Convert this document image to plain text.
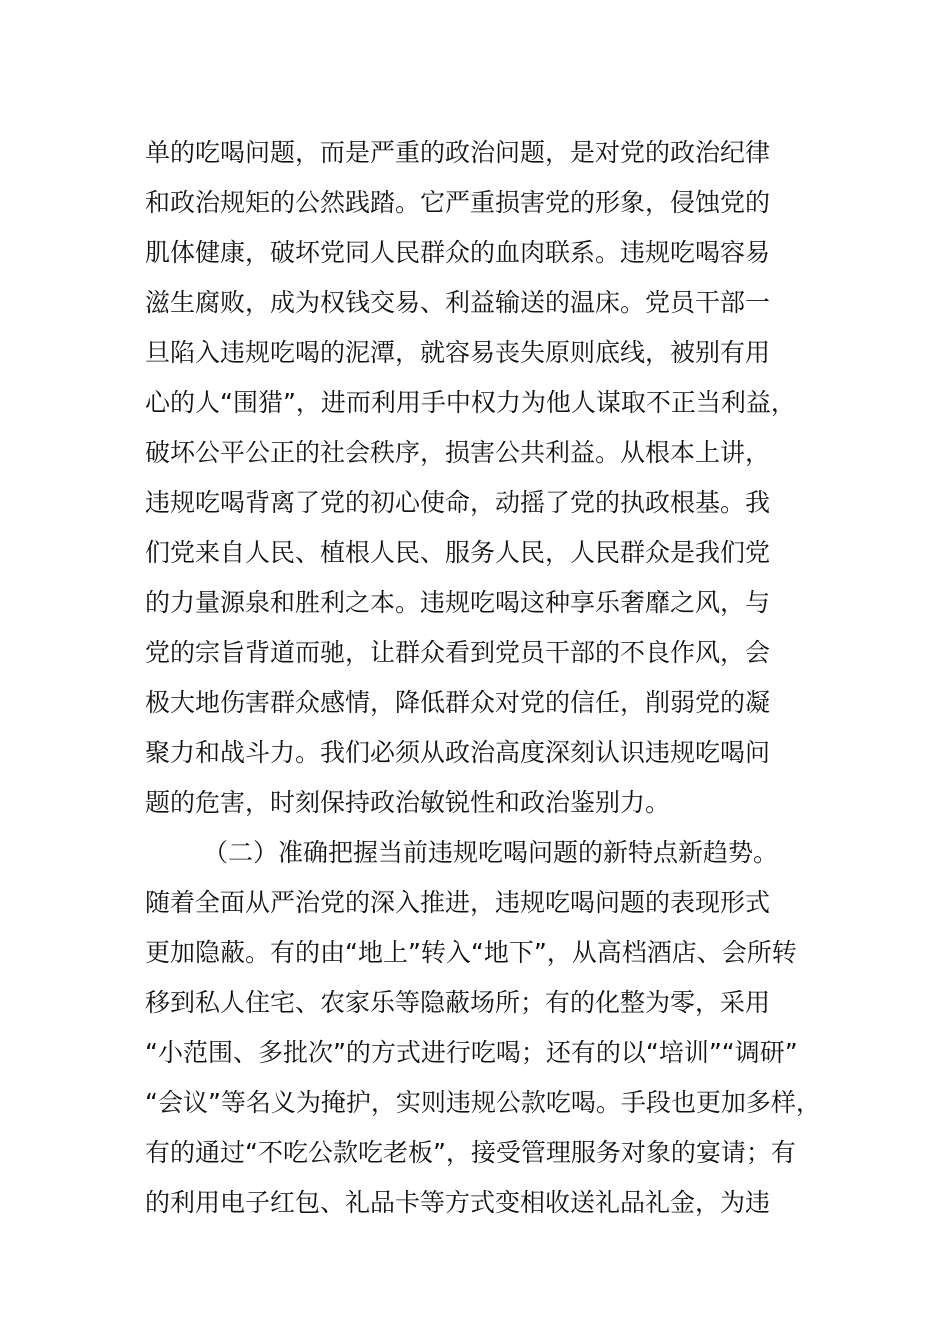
单的吃喝问题，而是严重的政治问题，是对党的政治纪律
和政治规矩的公然践踏。它严重损害党的形象，侵蚀党的
肌体健康，破坏党同人民群众的血肉联系。违规吃喝容易
滋生腐败，成为权钱交易、利益输送的温床。党员干部一
旦陷入违规吃喝的泥潭，就容易丧失原则底线，被别有用
心的人“围猎”，进而利用手中权力为他人谋取不正当利益，
破坏公平公正的社会秩序，损害公共利益。从根本上讲，
违规吃喝背离了党的初心使命，动摇了党的执政根基。我
们党来自人民、植根人民、服务人民，人民群众是我们党
的力量源泉和胜利之本。违规吃喝这种享乐奢靡之风，与
党的宗旨背道而驰，让群众看到党员干部的不良作风，会
极大地伤害群众感情，降低群众对党的信任，削弱党的凝
聚力和战斗力。我们必须从政治高度深刻认识违规吃喝问
题的危害，时刻保持政治敏锐性和政治鉴别力。
（二）准确把握当前违规吃喝问题的新特点新趋势。
随着全面从严治党的深入推进，违规吃喝问题的表现形式
更加隐蔽。有的由“地上”转入“地下”，从高档酒店、会所转
移到私人住宅、农家乐等隐蔽场所；有的化整为零，采用
“小范围、多批次”的方式进行吃喝；还有的以“培训”“调研”
“会议”等名义为掩护，实则违规公款吃喝。手段也更加多样，
有的通过“不吃公款吃老板”，接受管理服务对象的宴请；有
的利用电子红包、礼品卡等方式变相收送礼品礼金，为违
